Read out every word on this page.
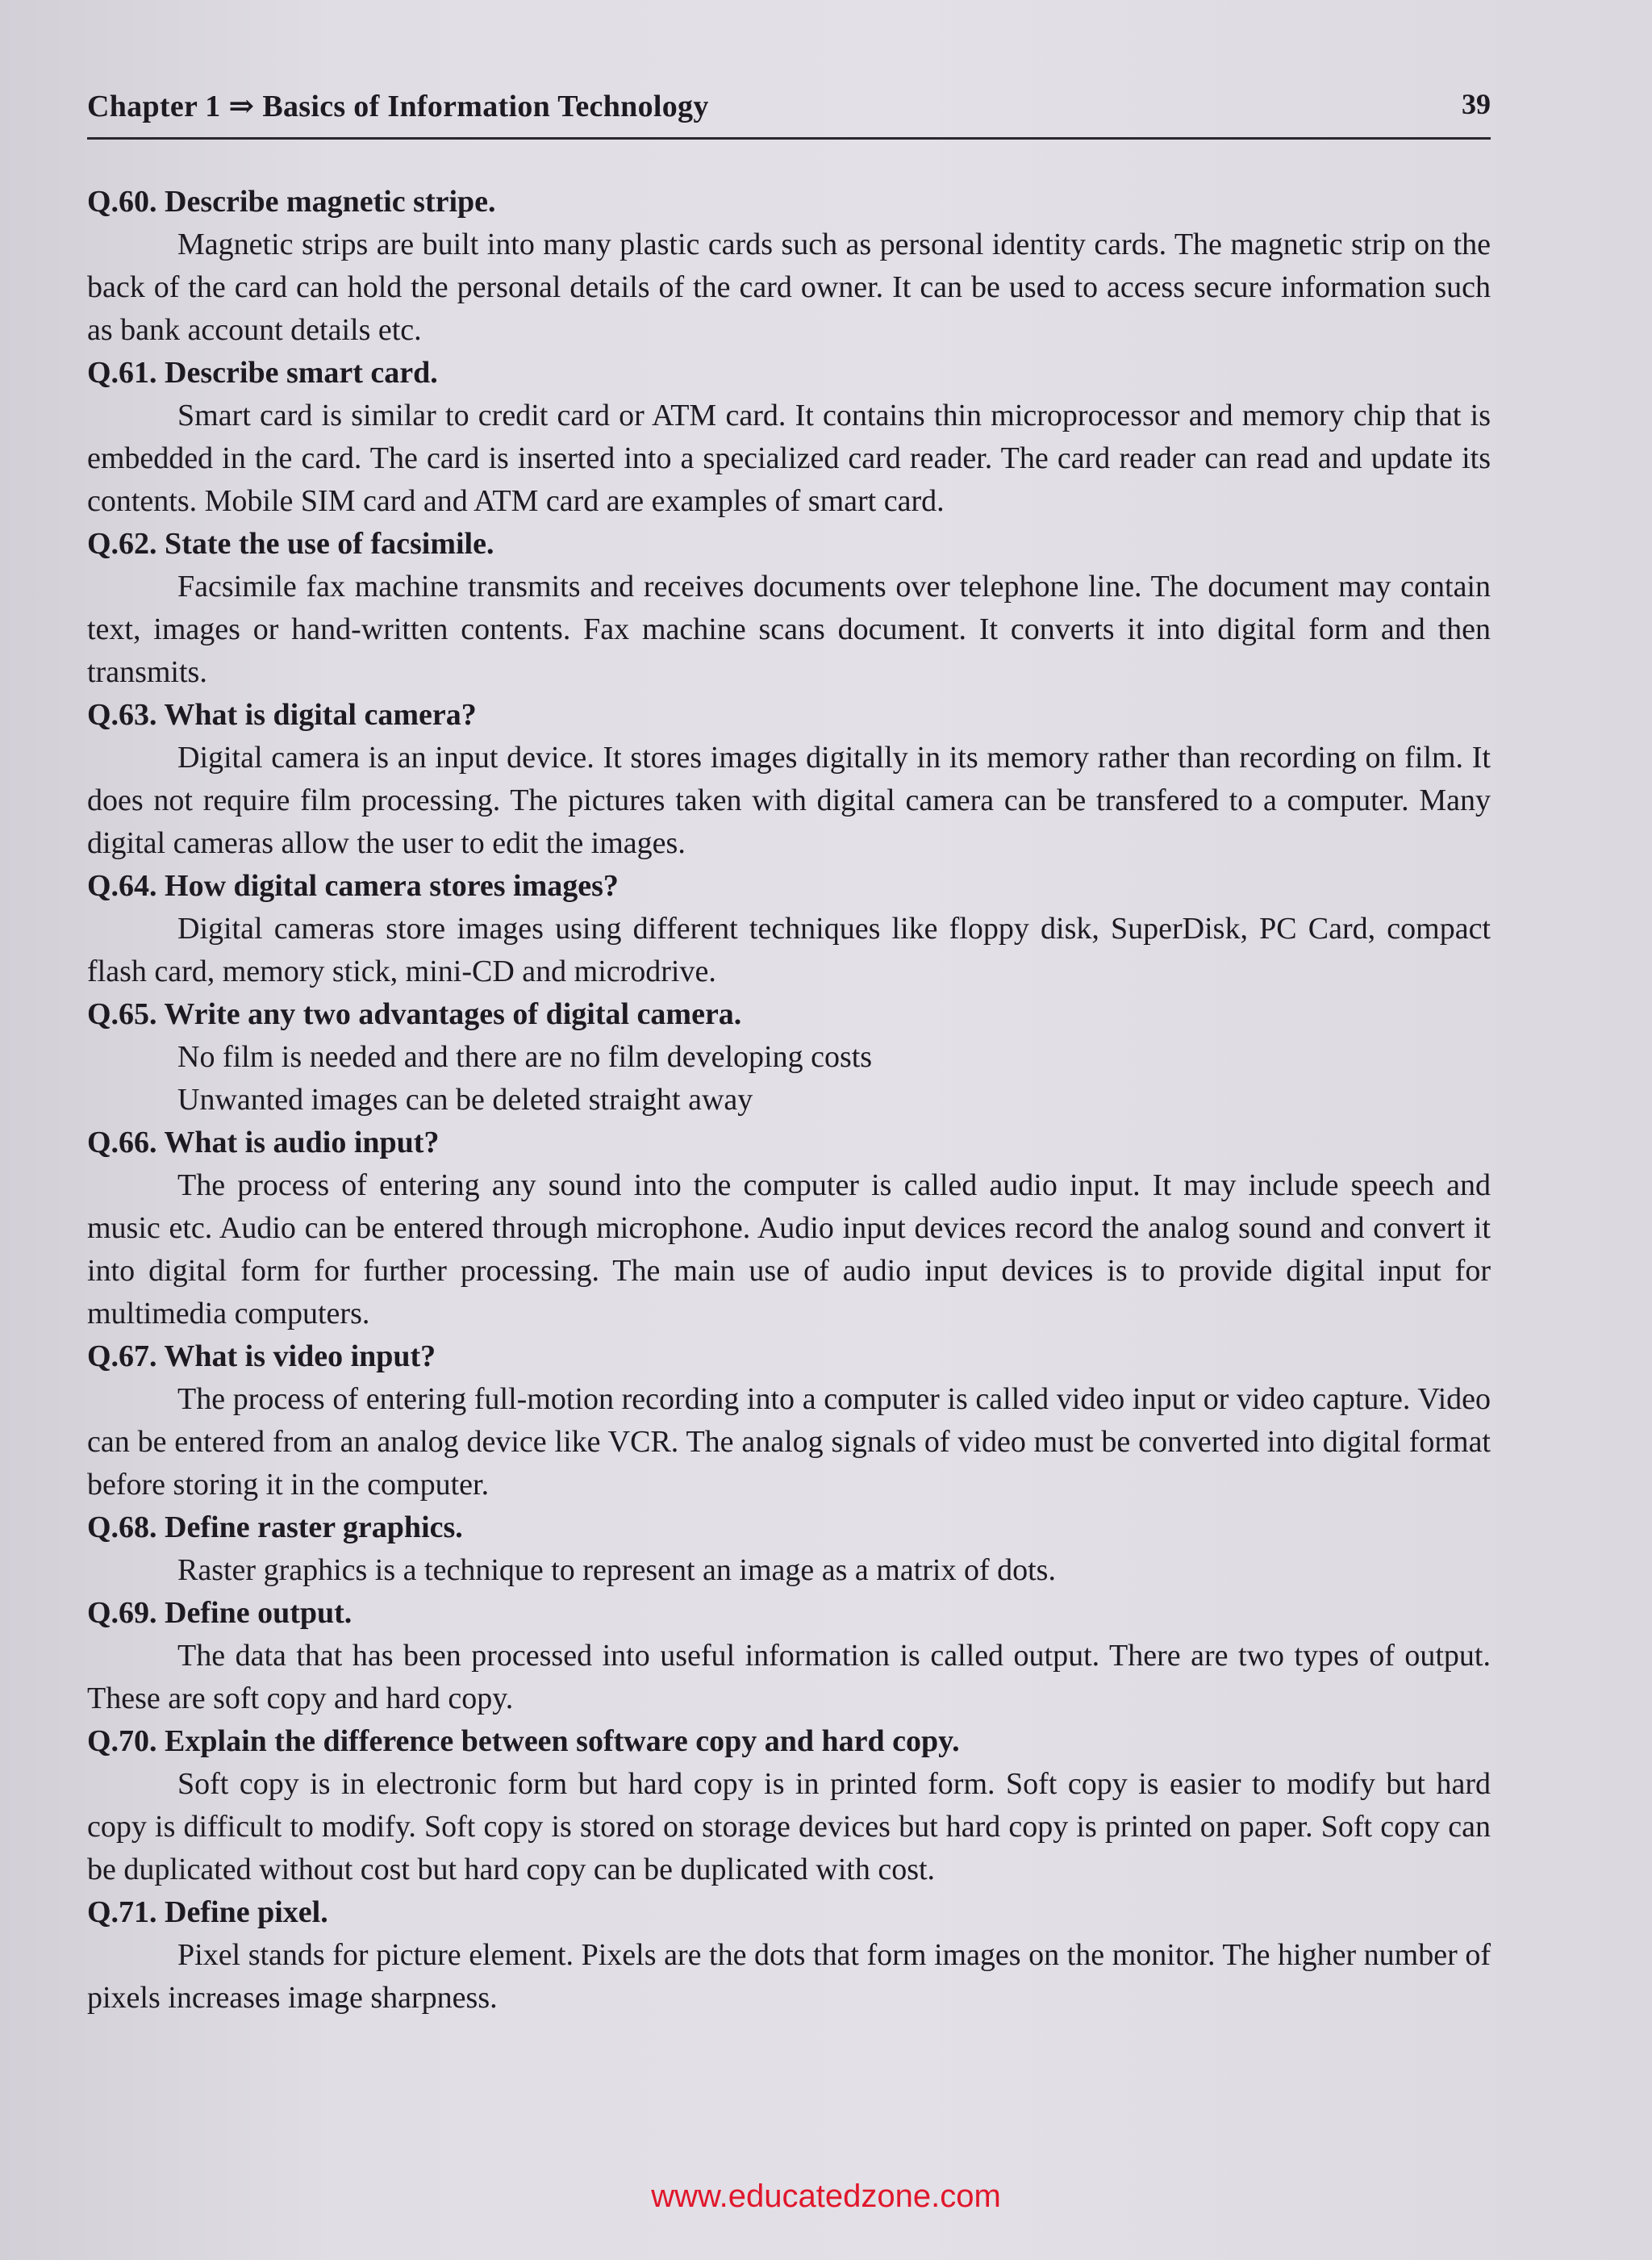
Chapter 1 ⇒ Basics of Information Technology	39

Q.60. Describe magnetic stripe.

Magnetic strips are built into many plastic cards such as personal identity cards. The magnetic strip on the back of the card can hold the personal details of the card owner. It can be used to access secure information such as bank account details etc.

Q.61. Describe smart card.

Smart card is similar to credit card or ATM card. It contains thin microprocessor and memory chip that is embedded in the card. The card is inserted into a specialized card reader. The card reader can read and update its contents. Mobile SIM card and ATM card are examples of smart card.

Q.62. State the use of facsimile.

Facsimile fax machine transmits and receives documents over telephone line. The document may contain text, images or hand-written contents. Fax machine scans document. It converts it into digital form and then transmits.

Q.63. What is digital camera?

Digital camera is an input device. It stores images digitally in its memory rather than recording on film. It does not require film processing. The pictures taken with digital camera can be transfered to a computer. Many digital cameras allow the user to edit the images.

Q.64. How digital camera stores images?

Digital cameras store images using different techniques like floppy disk, SuperDisk, PC Card, compact flash card, memory stick, mini-CD and microdrive.

Q.65. Write any two advantages of digital camera.

No film is needed and there are no film developing costs

Unwanted images can be deleted straight away

Q.66. What is audio input?

The process of entering any sound into the computer is called audio input. It may include speech and music etc. Audio can be entered through microphone. Audio input devices record the analog sound and convert it into digital form for further processing. The main use of audio input devices is to provide digital input for multimedia computers.

Q.67. What is video input?

The process of entering full-motion recording into a computer is called video input or video capture. Video can be entered from an analog device like VCR. The analog signals of video must be converted into digital format before storing it in the computer.

Q.68. Define raster graphics.

Raster graphics is a technique to represent an image as a matrix of dots.

Q.69. Define output.

The data that has been processed into useful information is called output. There are two types of output. These are soft copy and hard copy.

Q.70. Explain the difference between software copy and hard copy.

Soft copy is in electronic form but hard copy is in printed form. Soft copy is easier to modify but hard copy is difficult to modify. Soft copy is stored on storage devices but hard copy is printed on paper. Soft copy can be duplicated without cost but hard copy can be duplicated with cost.

Q.71. Define pixel.

Pixel stands for picture element. Pixels are the dots that form images on the monitor. The higher number of pixels increases image sharpness.

www.educatedzone.com
